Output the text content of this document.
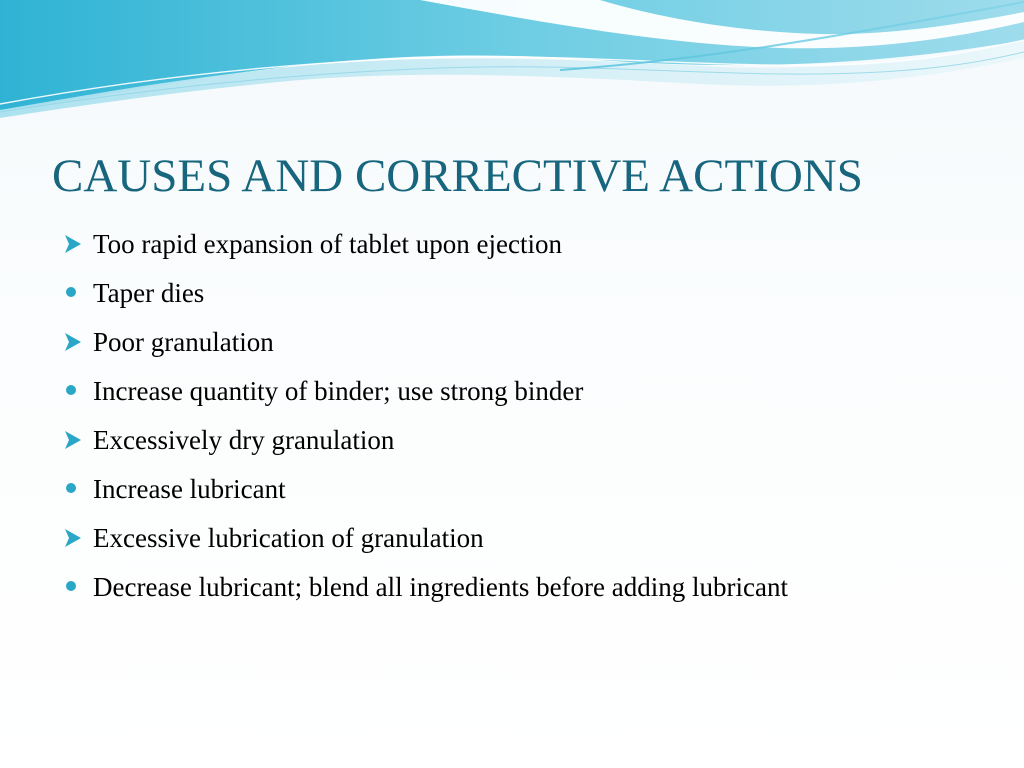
CAUSES AND CORRECTIVE ACTIONS
Too rapid expansion of tablet upon ejection
Taper dies
Poor granulation
Increase quantity of binder; use strong binder
Excessively dry granulation
Increase lubricant
Excessive lubrication of granulation
Decrease lubricant; blend all ingredients before adding lubricant
